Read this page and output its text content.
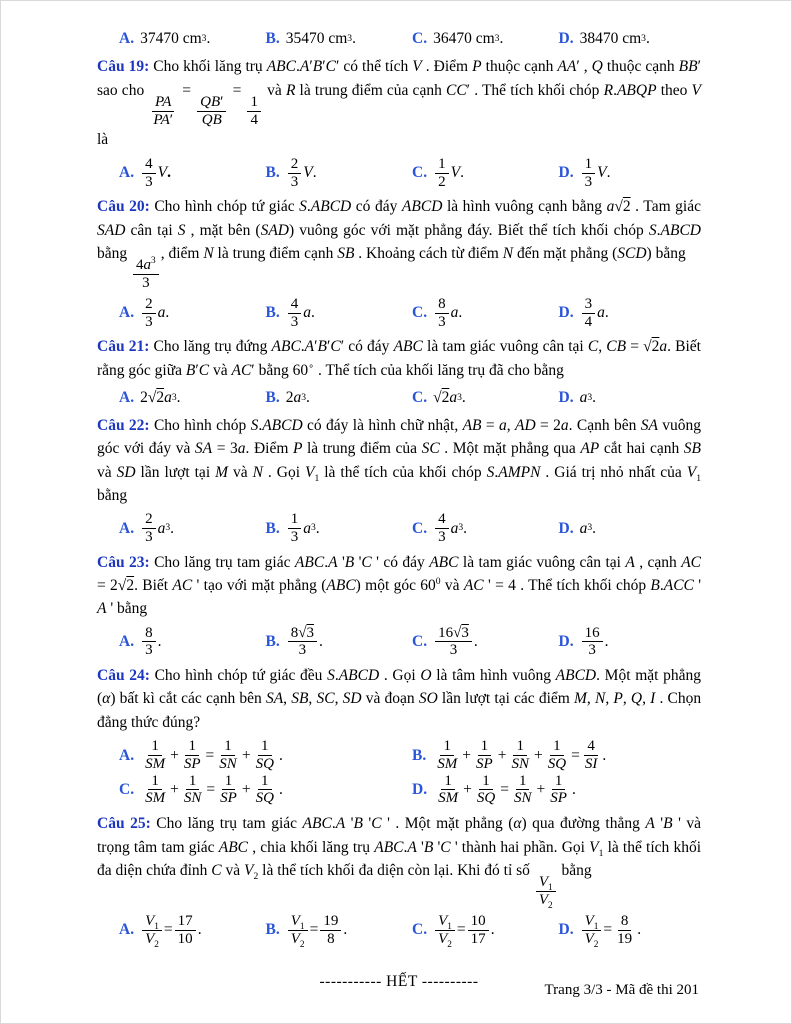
A. 37470 cm 3 .	B. 35470 cm 3 .	C. 36470 cm 3 .	D. 38470 cm 3 .

Câu 19: Cho khối lăng trụ ABC.A′B′C′ có thể tích V . Điểm P thuộc cạnh AA′ , Q thuộc cạnh BB′ sao cho
$\frac{PA}{PA'}$
=
$\frac{QB'}{QB}$
=
$\frac{1}{4}$
và R là trung điểm của cạnh CC′ . Thể tích khối chóp R.ABQP theo V là

A.
4
3
V .	B.
2
3
V .	C.
1
2
V .	D.
1
3
V .

Câu 20: Cho hình chóp tứ giác S.ABCD có đáy ABCD là hình vuông cạnh bằng a√2 . Tam giác SAD cân tại S , mặt bên (SAD) vuông góc với mặt phẳng đáy. Biết thể tích khối chóp S.ABCD bằng
$\frac{4a^3}{3}$
, điểm N là trung điểm cạnh SB . Khoảng cách từ điểm N đến mặt phẳng (SCD) bằng

A.
2
3
a .	B.
4
3
a .	C.
8
3
a .	D.
3
4
a .

Câu 21: Cho lăng trụ đứng ABC.A′B′C′ có đáy ABC là tam giác vuông cân tại C, CB = √2a. Biết rằng góc giữa B′C và AC′ bằng 60∘ . Thể tích của khối lăng trụ đã cho bằng

A. 2√ 2 a 3 .	B. 2 a 3 .	C. √ 2 a 3 .	D. a 3 .

Câu 22: Cho hình chóp S.ABCD có đáy là hình chữ nhật, AB = a, AD = 2a. Cạnh bên SA vuông góc với đáy và SA = 3a. Điểm P là trung điểm của SC . Một mặt phẳng qua AP cắt hai cạnh SB và SD lần lượt tại M và N . Gọi $V_1$ là thể tích của khối chóp S.AMPN . Giá trị nhỏ nhất của $V_1$ bằng

A.
2
3
a 3 .	B.
1
3
a 3 .	C.
4
3
a 3 .	D. a 3 .

Câu 23: Cho lăng trụ tam giác ABC.A 'B 'C ' có đáy ABC là tam giác vuông cân tại A , cạnh AC = 2√2. Biết AC ' tạo với mặt phẳng (ABC) một góc $60^0$ và AC ' = 4 . Thể tích khối chóp B.ACC ' A ' bằng

A.
8
3
.	B.
8√3
3
.	C.
16√3
3
.	D.
16
3
.

Câu 24: Cho hình chóp tứ giác đều S.ABCD . Gọi O là tâm hình vuông ABCD. Một mặt phẳng (α) bất kì cắt các cạnh bên SA, SB, SC, SD và đoạn SO lần lượt tại các điểm M, N, P, Q, I . Chọn đẳng thức đúng?

A.
1
SM
+
1
SP
=
1
SN
+
1
SQ
.	B.
1
SM
+
1
SP
+
1
SN
+
1
SQ
=
4
SI
.
C.
1
SM
+
1
SN
=
1
SP
+
1
SQ
.	D.
1
SM
+
1
SQ
=
1
SN
+
1
SP
.

Câu 25: Cho lăng trụ tam giác ABC.A 'B 'C ' . Một mặt phẳng (α) qua đường thẳng A 'B ' và trọng tâm tam giác ABC , chia khối lăng trụ ABC.A 'B 'C ' thành hai phần. Gọi $V_1$ là thể tích khối đa diện chứa đỉnh C và $V_2$ là thể tích khối đa diện còn lại. Khi đó tỉ số
$\frac{V_1}{V_2}$
bằng

A.
$V_1$
$V_2$
=
17
10
.	B.
$V_1$
$V_2$
=
19
8
.	C.
$V_1$
$V_2$
=
10
17
.	D.
$V_1$
$V_2$
=
8
19
.
----------- HẾT ----------	Trang 3/3 - Mã đề thi 201
